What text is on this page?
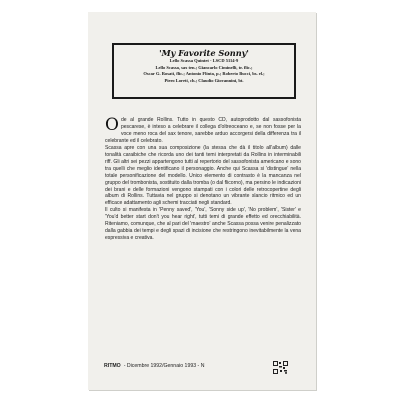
'My Favorite Sonny'
Lello Scassa Quintet - LSCD 5114-9
Lello Scassa, sax ten.; Giancarlo Ciminelli, tr. flic.;
Oscar G. Rosati, flic.; Antonio Flinta, p.; Roberto Bucci, bs. el.;
Piero Loreti, ch.; Claudio Giovannini, bt.

Ode al grande Rollins. Tutto in questo CD, autoprodotto dal sassofonista pescarese, è inteso a celebrare il collega d'oltreoceano e, se non fosse per la voce meno roca del sax tenore, sarebbe arduo accorgersi della differenza tra il celebrante ed il celebrato.

Scassa apre con una sua composizione (la stessa che dà il titolo all'album) dalle tonalità caraibiche che ricorda uno dei tanti temi interpretati da Rollins in interminabili riff. Gli altri sei pezzi appartengono tutti al repertorio del sassofonista americano e sono tra quelli che meglio identificano il personaggio. Anche qui Scassa si 'distingue' nella totale personificazione del modello. Unico elemento di contrasto è la mancanza nel gruppo del trombonista, sostituito dalla tromba (o dal flicorno), ma persino le indicazioni dei brani e delle formazioni vengono stampati con i colori delle retrocopertine degli album di Rollins. Tuttavia nel gruppo si denotano un vibrante slancio ritmico ed un efficace adattamento agli schemi tracciati negli standard.

Il culto si manifesta in 'Penny saved', 'You', 'Sonny side up', 'No problem', 'Sister' e 'You'd better start don't you hear right', tutti temi di grande effetto ed orecchiabilità. Riteniamo, comunque, che al pari del 'maestro' anche Scassa possa venire penalizzato dalla gabbia dei tempi e degli spazi di incisione che restringono inevitabilmente la vena espressiva e creativa.

RITMO - Dicembre 1992/Gennaio 1993 - N
